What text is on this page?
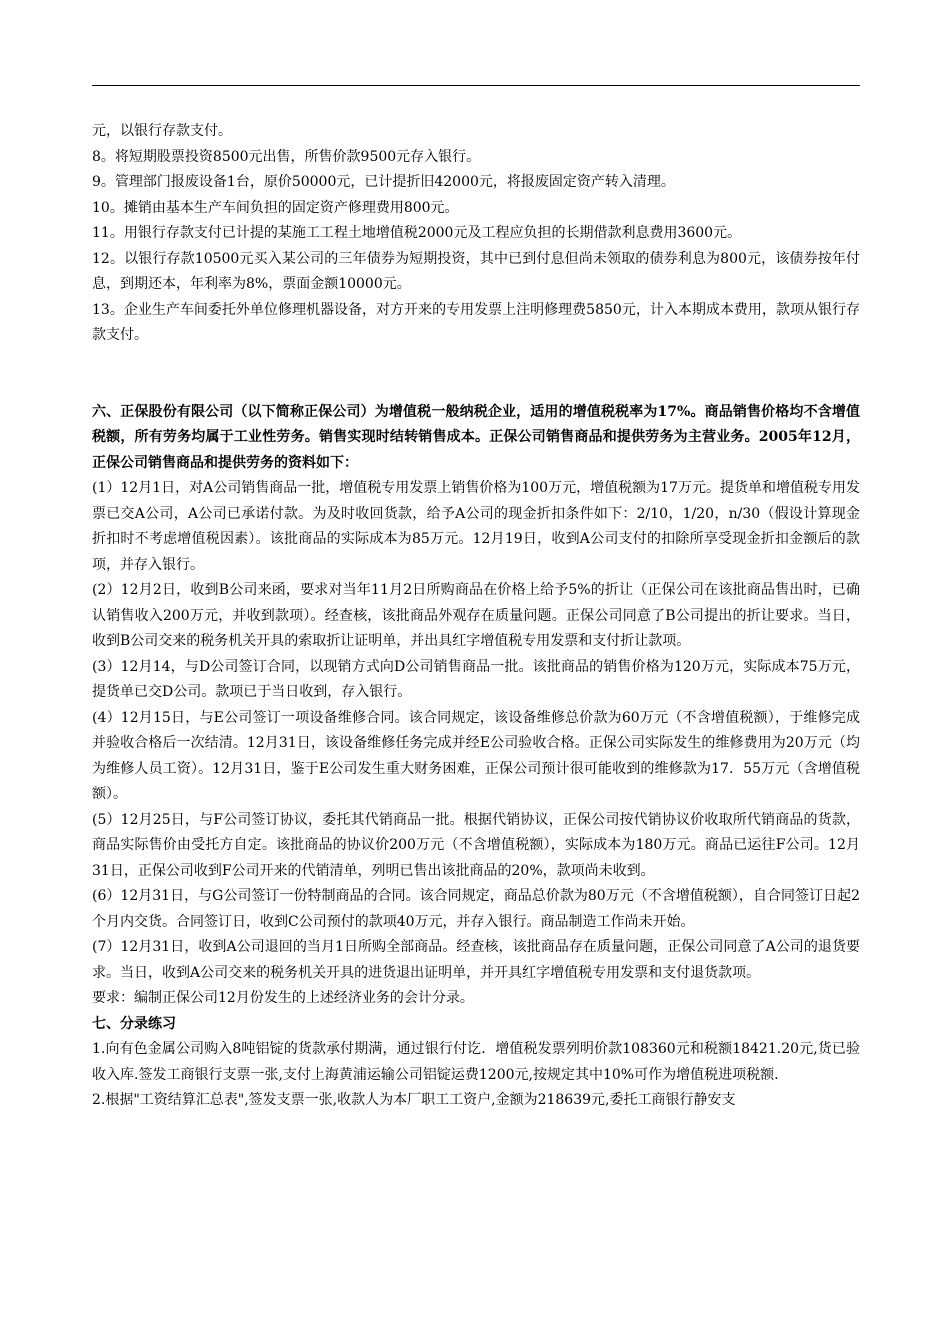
元，以银行存款支付。

8。将短期股票投资8500元出售，所售价款9500元存入银行。

9。管理部门报废设备1台，原价50000元，已计提折旧42000元，将报废固定资产转入清理。

10。摊销由基本生产车间负担的固定资产修理费用800元。

11。用银行存款支付已计提的某施工工程土地增值税2000元及工程应负担的长期借款利息费用3600元。

12。以银行存款10500元买入某公司的三年债券为短期投资，其中已到付息但尚未领取的债券利息为800元，该债券按年付息，到期还本，年利率为8%，票面金额10000元。

13。企业生产车间委托外单位修理机器设备，对方开来的专用发票上注明修理费5850元，计入本期成本费用，款项从银行存款支付。

六、正保股份有限公司（以下简称正保公司）为增值税一般纳税企业，适用的增值税税率为17%。商品销售价格均不含增值税额，所有劳务均属于工业性劳务。销售实现时结转销售成本。正保公司销售商品和提供劳务为主营业务。2005年12月，正保公司销售商品和提供劳务的资料如下：

(1）12月1日，对A公司销售商品一批，增值税专用发票上销售价格为100万元，增值税额为17万元。提货单和增值税专用发票已交A公司，A公司已承诺付款。为及时收回货款，给予A公司的现金折扣条件如下：2/10，1/20，n/30（假设计算现金折扣时不考虑增值税因素）。该批商品的实际成本为85万元。12月19日，收到A公司支付的扣除所享受现金折扣金额后的款项，并存入银行。

(2）12月2日，收到B公司来函，要求对当年11月2日所购商品在价格上给予5%的折让（正保公司在该批商品售出时，已确认销售收入200万元，并收到款项）。经查核，该批商品外观存在质量问题。正保公司同意了B公司提出的折让要求。当日，收到B公司交来的税务机关开具的索取折让证明单，并出具红字增值税专用发票和支付折让款项。

(3）12月14，与D公司签订合同，以现销方式向D公司销售商品一批。该批商品的销售价格为120万元，实际成本75万元，提货单已交D公司。款项已于当日收到，存入银行。

(4）12月15日，与E公司签订一项设备维修合同。该合同规定，该设备维修总价款为60万元（不含增值税额），于维修完成并验收合格后一次结清。12月31日，该设备维修任务完成并经E公司验收合格。正保公司实际发生的维修费用为20万元（均为维修人员工资）。12月31日，鉴于E公司发生重大财务困难，正保公司预计很可能收到的维修款为17．55万元（含增值税额）。

(5）12月25日，与F公司签订协议，委托其代销商品一批。根据代销协议，正保公司按代销协议价收取所代销商品的货款，商品实际售价由受托方自定。该批商品的协议价200万元（不含增值税额），实际成本为180万元。商品已运往F公司。12月31日，正保公司收到F公司开来的代销清单，列明已售出该批商品的20%，款项尚未收到。

(6）12月31日，与G公司签订一份特制商品的合同。该合同规定，商品总价款为80万元（不含增值税额），自合同签订日起2个月内交货。合同签订日，收到C公司预付的款项40万元，并存入银行。商品制造工作尚未开始。

(7）12月31日，收到A公司退回的当月1日所购全部商品。经查核，该批商品存在质量问题，正保公司同意了A公司的退货要求。当日，收到A公司交来的税务机关开具的进货退出证明单，并开具红字增值税专用发票和支付退货款项。

要求：编制正保公司12月份发生的上述经济业务的会计分录。

七、分录练习

1.向有色金属公司购入8吨铝锭的货款承付期满，通过银行付讫．增值税发票列明价款108360元和税额18421.20元,货已验收入库.签发工商银行支票一张,支付上海黄浦运输公司铝锭运费1200元,按规定其中10%可作为增值税进项税额.

2.根据"工资结算汇总表",签发支票一张,收款人为本厂职工工资户,金额为218639元,委托工商银行静安支
